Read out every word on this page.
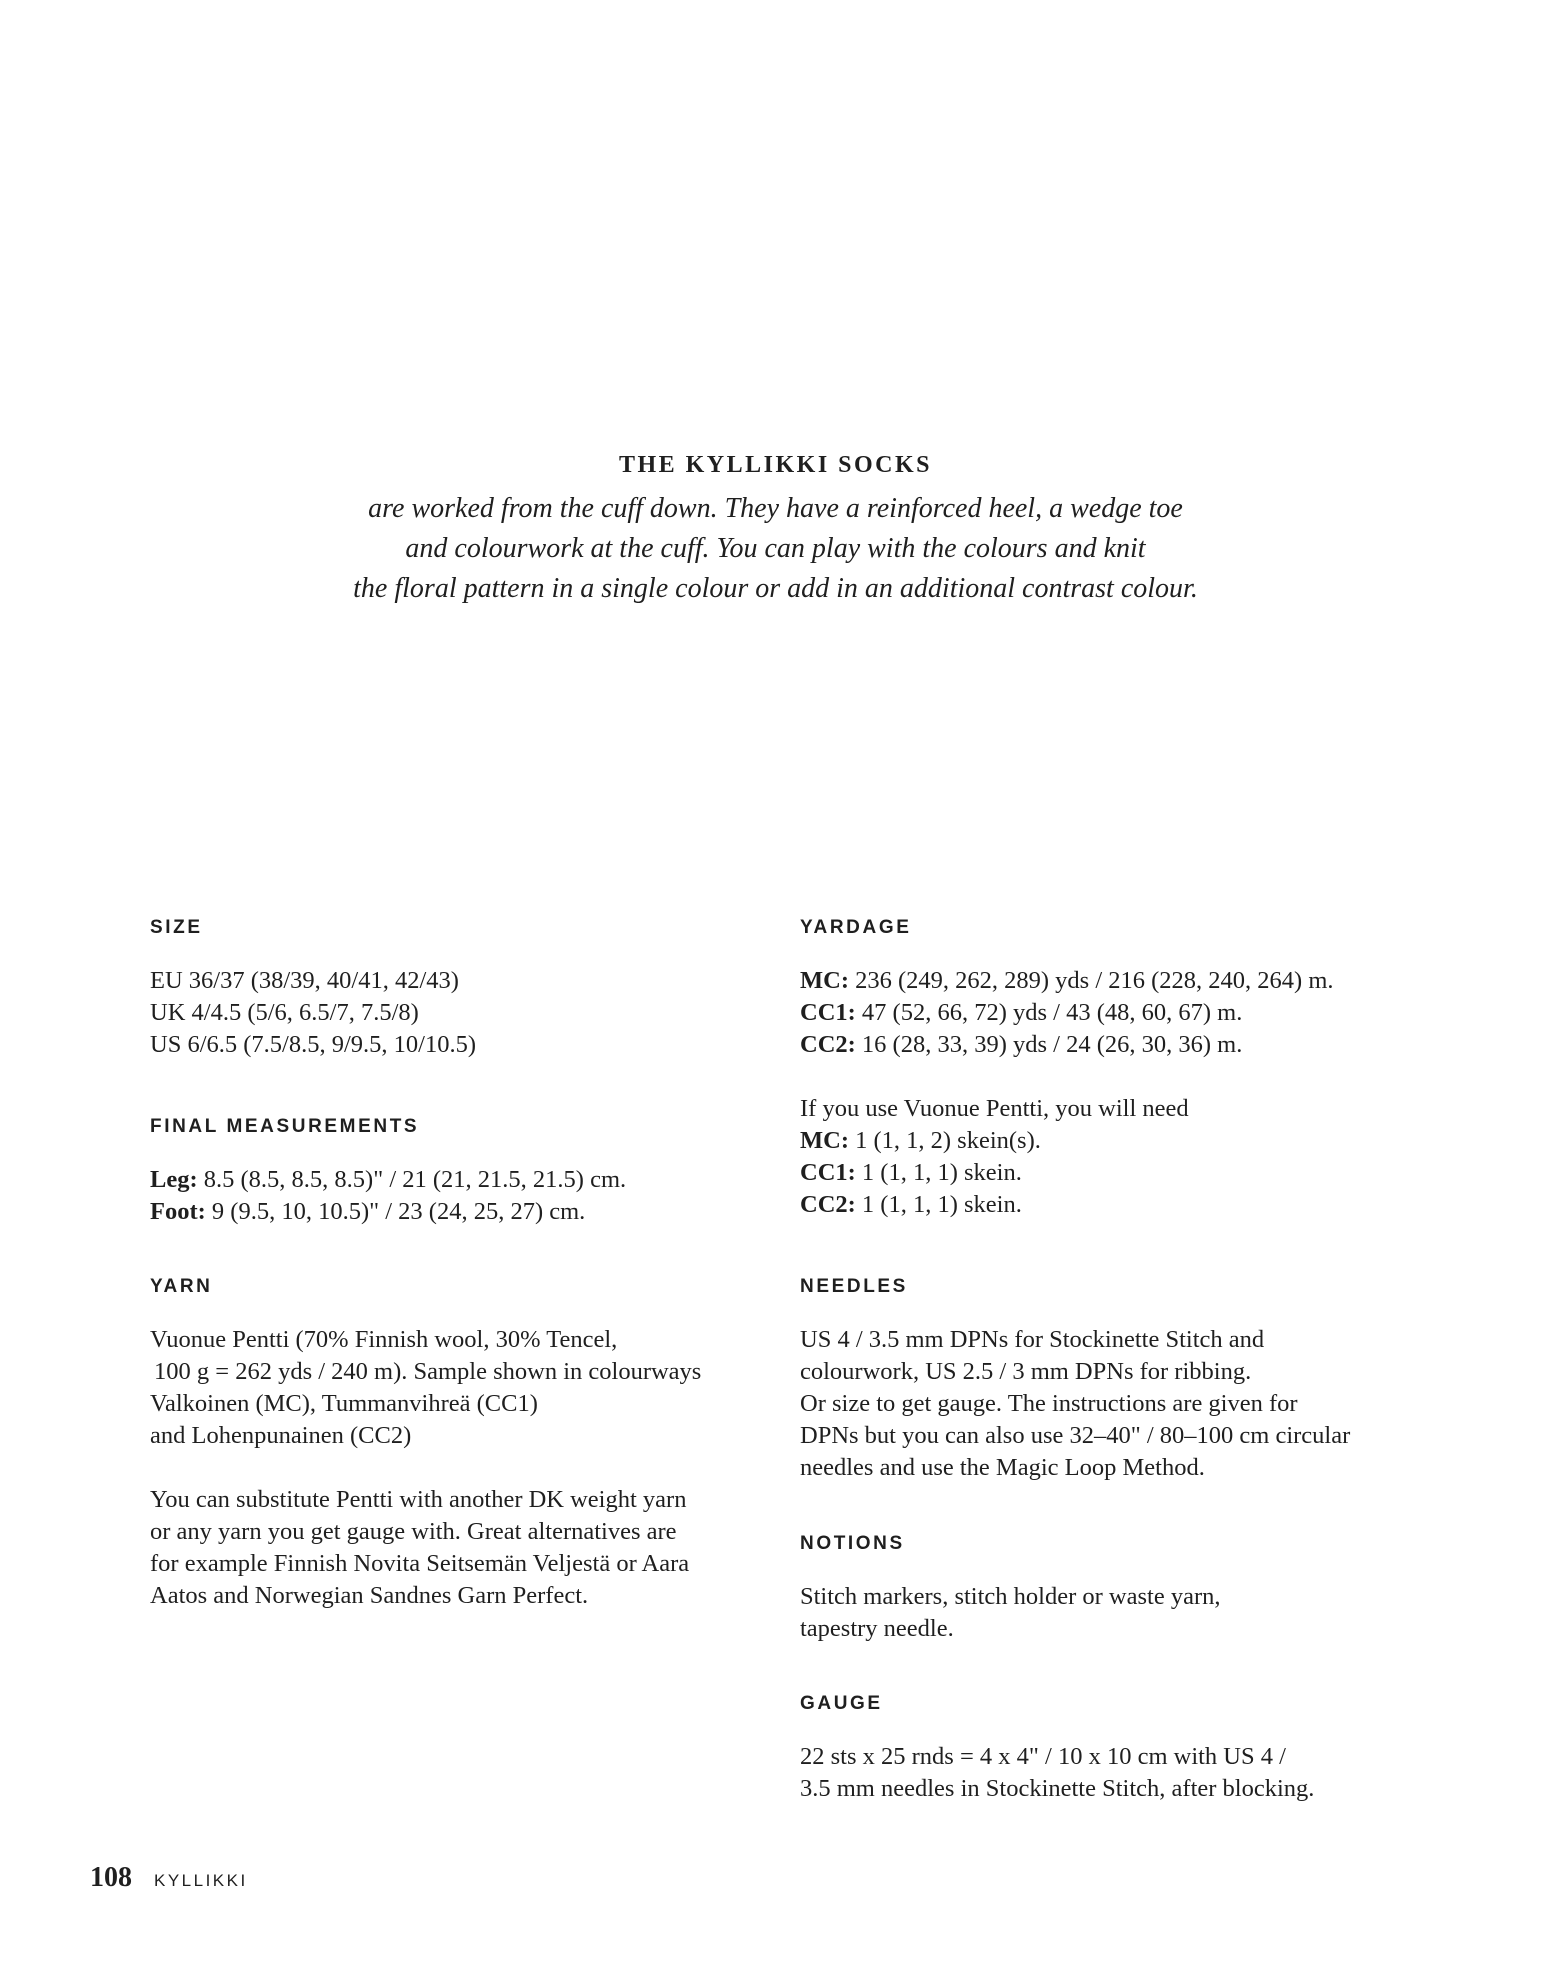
THE KYLLIKKI SOCKS

are worked from the cuff down. They have a reinforced heel, a wedge toe
and colourwork at the cuff. You can play with the colours and knit
the floral pattern in a single colour or add in an additional contrast colour.

SIZE

EU 36/37 (38/39, 40/41, 42/43)
UK 4/4.5 (5/6, 6.5/7, 7.5/8)
US 6/6.5 (7.5/8.5, 9/9.5, 10/10.5)

FINAL MEASUREMENTS

Leg: 8.5 (8.5, 8.5, 8.5)" / 21 (21, 21.5, 21.5) cm.
Foot: 9 (9.5, 10, 10.5)" / 23 (24, 25, 27) cm.

YARN

Vuonue Pentti (70% Finnish wool, 30% Tencel,
100 g = 262 yds / 240 m). Sample shown in colourways
Valkoinen (MC), Tummanvihreä (CC1)
and Lohenpunainen (CC2)

You can substitute Pentti with another DK weight yarn
or any yarn you get gauge with. Great alternatives are
for example Finnish Novita Seitsemän Veljestä or Aara
Aatos and Norwegian Sandnes Garn Perfect.

YARDAGE

MC: 236 (249, 262, 289) yds / 216 (228, 240, 264) m.
CC1: 47 (52, 66, 72) yds / 43 (48, 60, 67) m.
CC2: 16 (28, 33, 39) yds / 24 (26, 30, 36) m.

If you use Vuonue Pentti, you will need
MC: 1 (1, 1, 2) skein(s).
CC1: 1 (1, 1, 1) skein.
CC2: 1 (1, 1, 1) skein.

NEEDLES

US 4 / 3.5 mm DPNs for Stockinette Stitch and
colourwork, US 2.5 / 3 mm DPNs for ribbing.
Or size to get gauge. The instructions are given for
DPNs but you can also use 32–40" / 80–100 cm circular
needles and use the Magic Loop Method.

NOTIONS

Stitch markers, stitch holder or waste yarn,
tapestry needle.

GAUGE

22 sts x 25 rnds = 4 x 4" / 10 x 10 cm with US 4 /
3.5 mm needles in Stockinette Stitch, after blocking.

108 KYLLIKKI
